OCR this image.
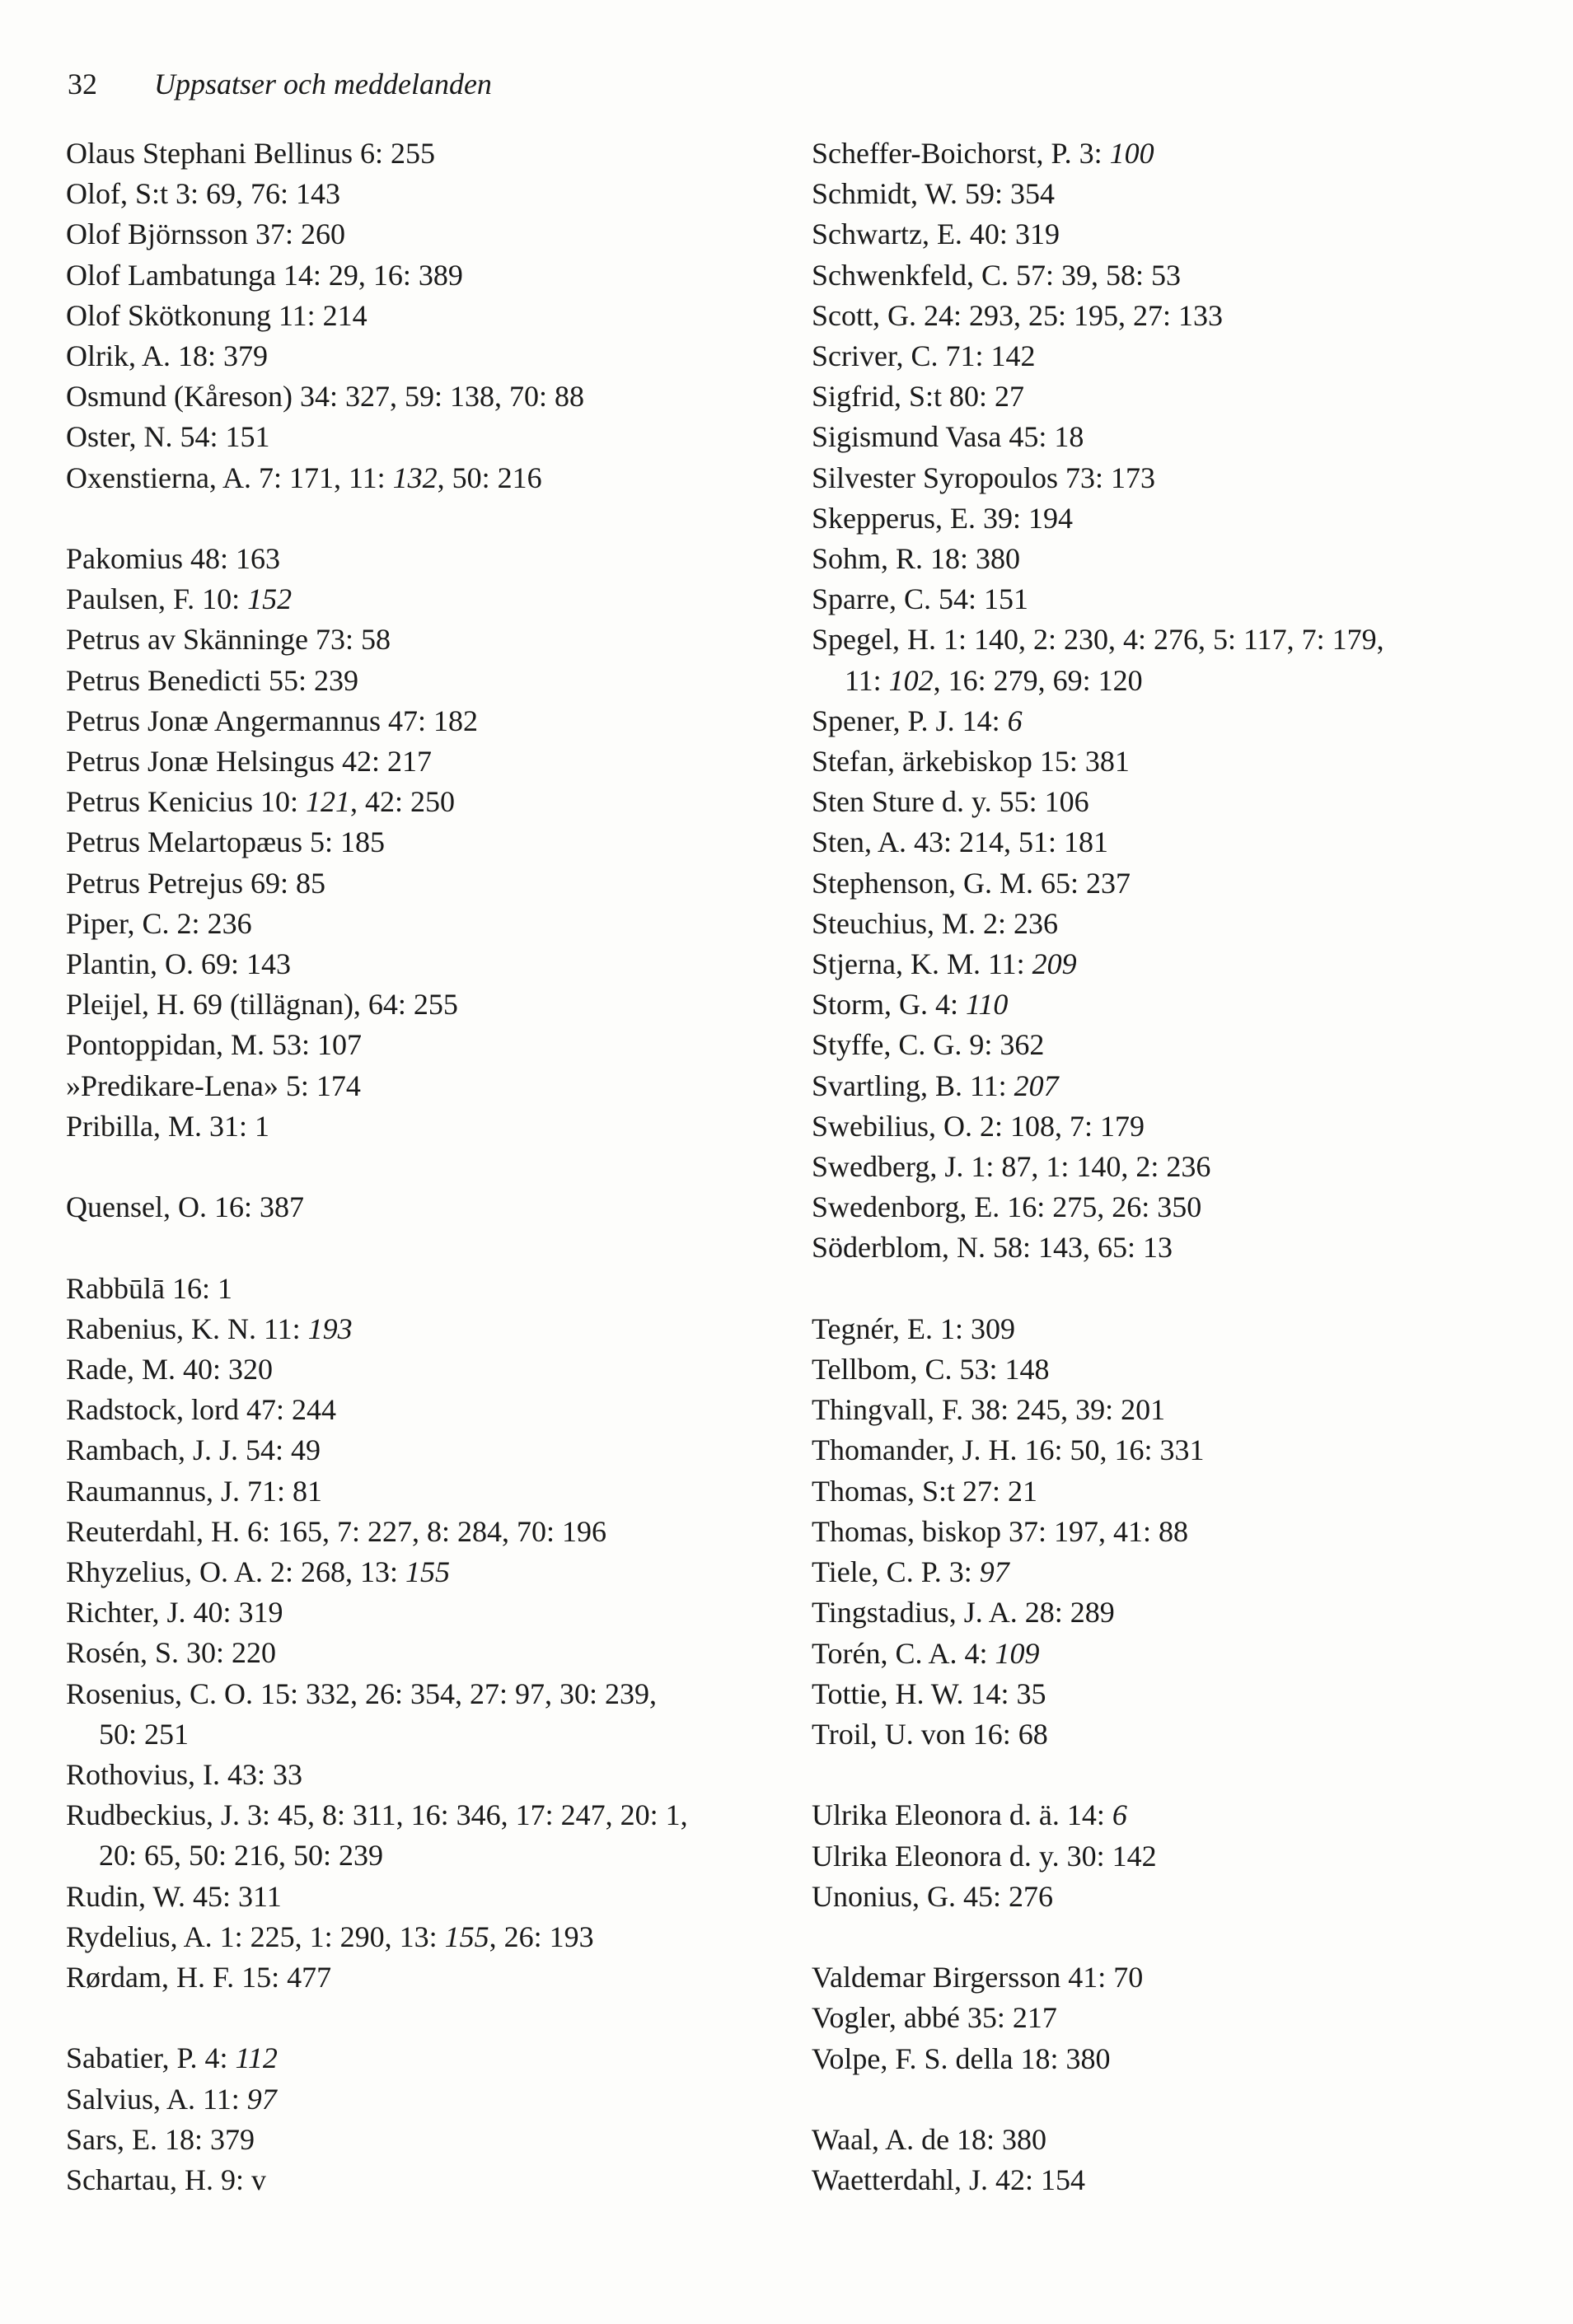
32 Uppsatser och meddelanden

Olaus Stephani Bellinus 6: 255

Olof, S:t 3: 69, 76: 143

Olof Björnsson 37: 260

Olof Lambatunga 14: 29, 16: 389

Olof Skötkonung 11: 214

Olrik, A. 18: 379

Osmund (Kåreson) 34: 327, 59: 138, 70: 88

Oster, N. 54: 151

Oxenstierna, A. 7: 171, 11: 132, 50: 216

Pakomius 48: 163

Paulsen, F. 10: 152

Petrus av Skänninge 73: 58

Petrus Benedicti 55: 239

Petrus Jonæ Angermannus 47: 182

Petrus Jonæ Helsingus 42: 217

Petrus Kenicius 10: 121, 42: 250

Petrus Melartopæus 5: 185

Petrus Petrejus 69: 85

Piper, C. 2: 236

Plantin, O. 69: 143

Pleijel, H. 69 (tillägnan), 64: 255

Pontoppidan, M. 53: 107

»Predikare-Lena» 5: 174

Pribilla, M. 31: 1

Quensel, O. 16: 387

Rabbūlā 16: 1

Rabenius, K. N. 11: 193

Rade, M. 40: 320

Radstock, lord 47: 244

Rambach, J. J. 54: 49

Raumannus, J. 71: 81

Reuterdahl, H. 6: 165, 7: 227, 8: 284, 70: 196

Rhyzelius, O. A. 2: 268, 13: 155

Richter, J. 40: 319

Rosén, S. 30: 220

Rosenius, C. O. 15: 332, 26: 354, 27: 97, 30: 239,
50: 251

Rothovius, I. 43: 33

Rudbeckius, J. 3: 45, 8: 311, 16: 346, 17: 247, 20: 1,
20: 65, 50: 216, 50: 239

Rudin, W. 45: 311

Rydelius, A. 1: 225, 1: 290, 13: 155, 26: 193

Rørdam, H. F. 15: 477

Sabatier, P. 4: 112

Salvius, A. 11: 97

Sars, E. 18: 379

Schartau, H. 9: v

Scheffer-Boichorst, P. 3: 100

Schmidt, W. 59: 354

Schwartz, E. 40: 319

Schwenkfeld, C. 57: 39, 58: 53

Scott, G. 24: 293, 25: 195, 27: 133

Scriver, C. 71: 142

Sigfrid, S:t 80: 27

Sigismund Vasa 45: 18

Silvester Syropoulos 73: 173

Skepperus, E. 39: 194

Sohm, R. 18: 380

Sparre, C. 54: 151

Spegel, H. 1: 140, 2: 230, 4: 276, 5: 117, 7: 179,
11: 102, 16: 279, 69: 120

Spener, P. J. 14: 6

Stefan, ärkebiskop 15: 381

Sten Sture d. y. 55: 106

Sten, A. 43: 214, 51: 181

Stephenson, G. M. 65: 237

Steuchius, M. 2: 236

Stjerna, K. M. 11: 209

Storm, G. 4: 110

Styffe, C. G. 9: 362

Svartling, B. 11: 207

Swebilius, O. 2: 108, 7: 179

Swedberg, J. 1: 87, 1: 140, 2: 236

Swedenborg, E. 16: 275, 26: 350

Söderblom, N. 58: 143, 65: 13

Tegnér, E. 1: 309

Tellbom, C. 53: 148

Thingvall, F. 38: 245, 39: 201

Thomander, J. H. 16: 50, 16: 331

Thomas, S:t 27: 21

Thomas, biskop 37: 197, 41: 88

Tiele, C. P. 3: 97

Tingstadius, J. A. 28: 289

Torén, C. A. 4: 109

Tottie, H. W. 14: 35

Troil, U. von 16: 68

Ulrika Eleonora d. ä. 14: 6

Ulrika Eleonora d. y. 30: 142

Unonius, G. 45: 276

Valdemar Birgersson 41: 70

Vogler, abbé 35: 217

Volpe, F. S. della 18: 380

Waal, A. de 18: 380

Waetterdahl, J. 42: 154
